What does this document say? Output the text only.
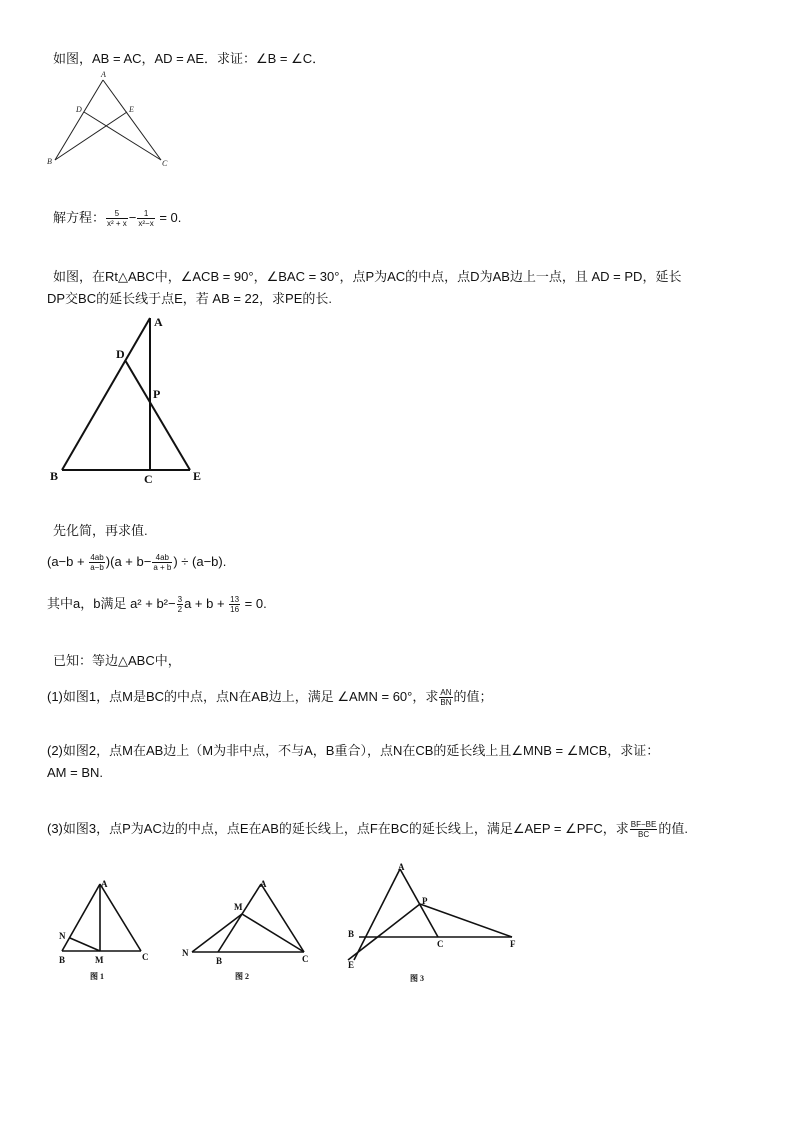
如图，AB = AC，AD = AE．求证：∠B = ∠C．
A
D	E
B	C
解方程： $\frac{5}{\text{x² + x}} - \frac{1}{\text{x²−x}} = 0$.
如图，在Rt△ABC中，∠ACB = 90°，∠BAC = 30°，点P为AC的中点，点D为AB边上一点，且 AD = PD，延长
DP交BC的延长线于点E，若 AB = 22，求PE的长.
A
D
P
B	C	E
先化简，再求值.
$(a-b + \frac{4ab}{a-b} )(a + b- \frac{4ab}{a + b}$ ) ÷ (a−b).
其中a，b满足 $a^2 + b^2- \frac{3}{2}$ $a + b + \frac{13}{16} = 0$.
已知：等边△ABC中，
(1)如图1，点M是BC的中点，点N在AB边上，满足 ∠AMN = 60°，求 $\frac{AN}{BN}$ 的值；
(2)如图2，点M在AB边上（M为非中点，不与A，B重合），点N在CB的延长线上且∠MNB = ∠MCB，求证：
AM = BN.
(3)如图3，点P为AC边的中点，点E在AB的延长线上，点F在BC的延长线上，满足∠AEP = ∠PFC，求 $\frac{BF-BE}{BC}$ 的值.
A
N
B	M	C
图 1
A
M
N
B	C
图 2
A
P
B
C	F
E
图 3
